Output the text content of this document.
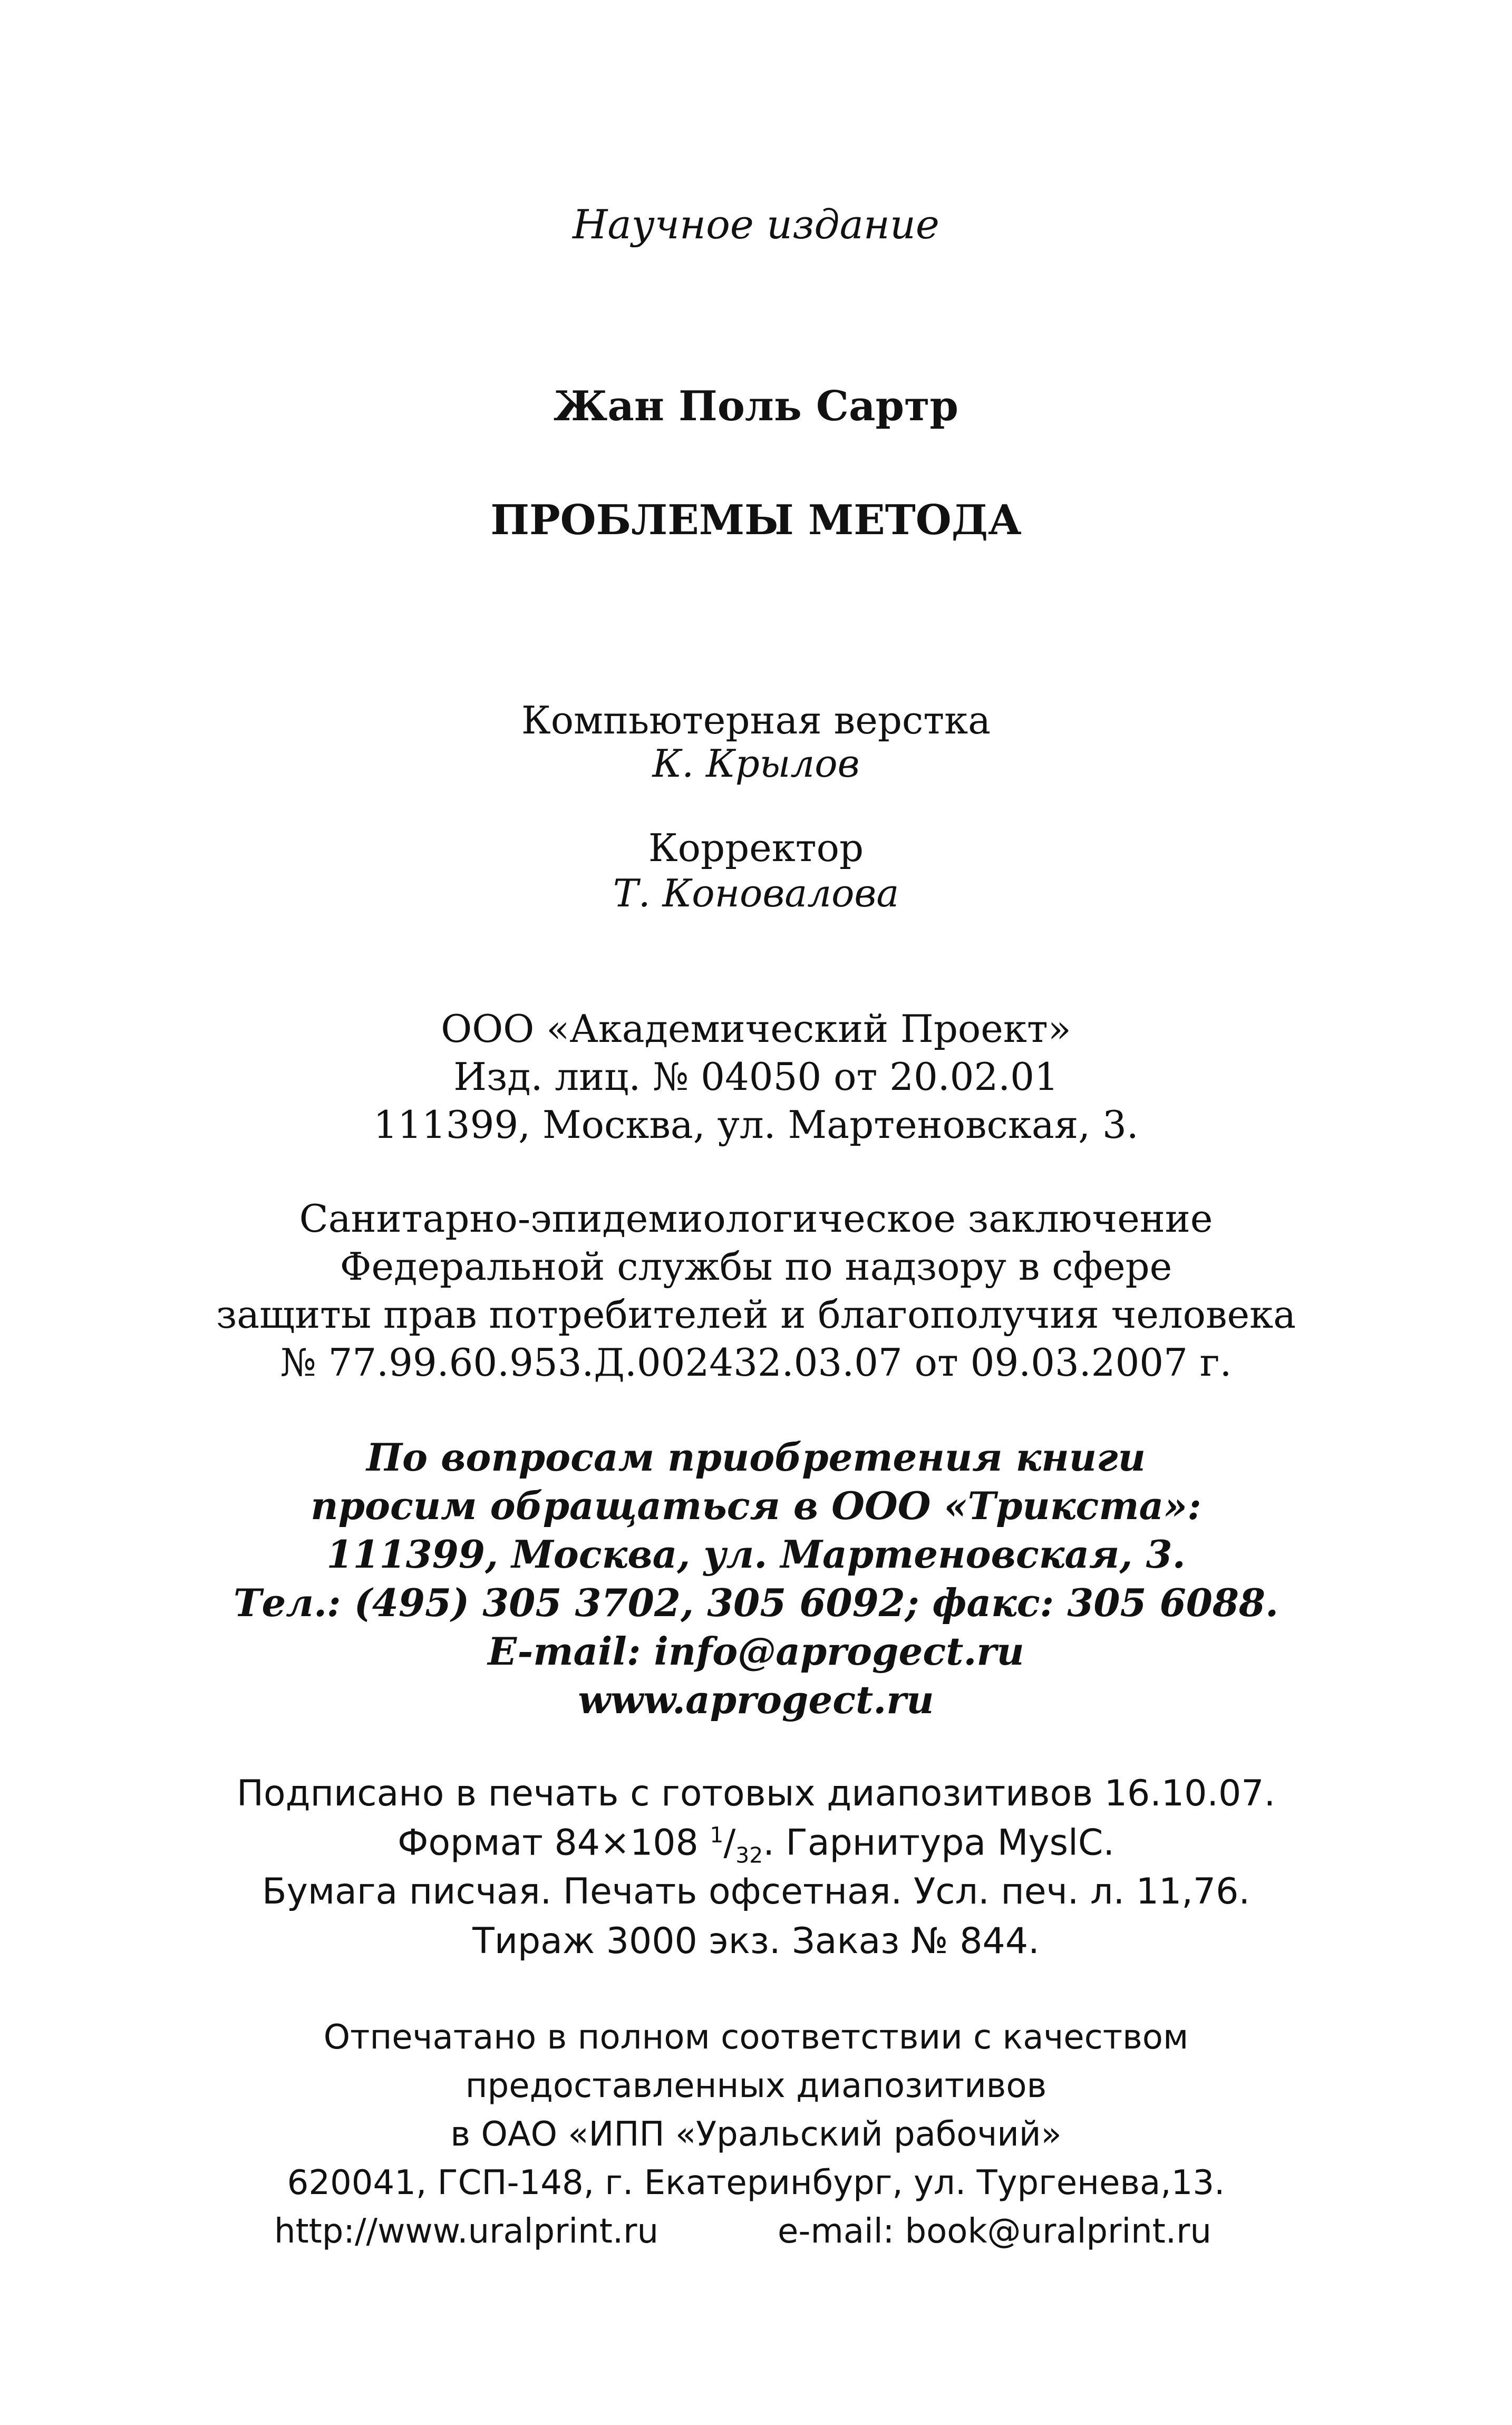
Научное издание
Жан Поль Сартр
ПРОБЛЕМЫ МЕТОДА
Компьютерная верстка
К. Крылов
Корректор
Т. Коновалова
ООО «Академический Проект»
Изд. лиц. № 04050 от 20.02.01
111399, Москва, ул. Мартеновская, 3.
Санитарно-эпидемиологическое заключение
Федеральной службы по надзору в сфере
защиты прав потребителей и благополучия человека
№ 77.99.60.953.Д.002432.03.07 от 09.03.2007 г.
По вопросам приобретения книги
просим обращаться в ООО «Трикста»:
111399, Москва, ул. Мартеновская, 3.
Тел.: (495) 305 3702, 305 6092; факс: 305 6088.
E-mail: info@aprogect.ru
www.aprogect.ru
Подписано в печать с готовых диапозитивов 16.10.07.
Формат 84×108 $^1/_{32}$. Гарнитура MyslC.
Бумага писчая. Печать офсетная. Усл. печ. л. 11,76.
Тираж 3000 экз. Заказ № 844.
Отпечатано в полном соответствии с качеством
предоставленных диапозитивов
в ОАО «ИПП «Уральский рабочий»
620041, ГСП-148, г. Екатеринбург, ул. Тургенева,13.
http://www.uralprint.ru	e-mail: book@uralprint.ru
